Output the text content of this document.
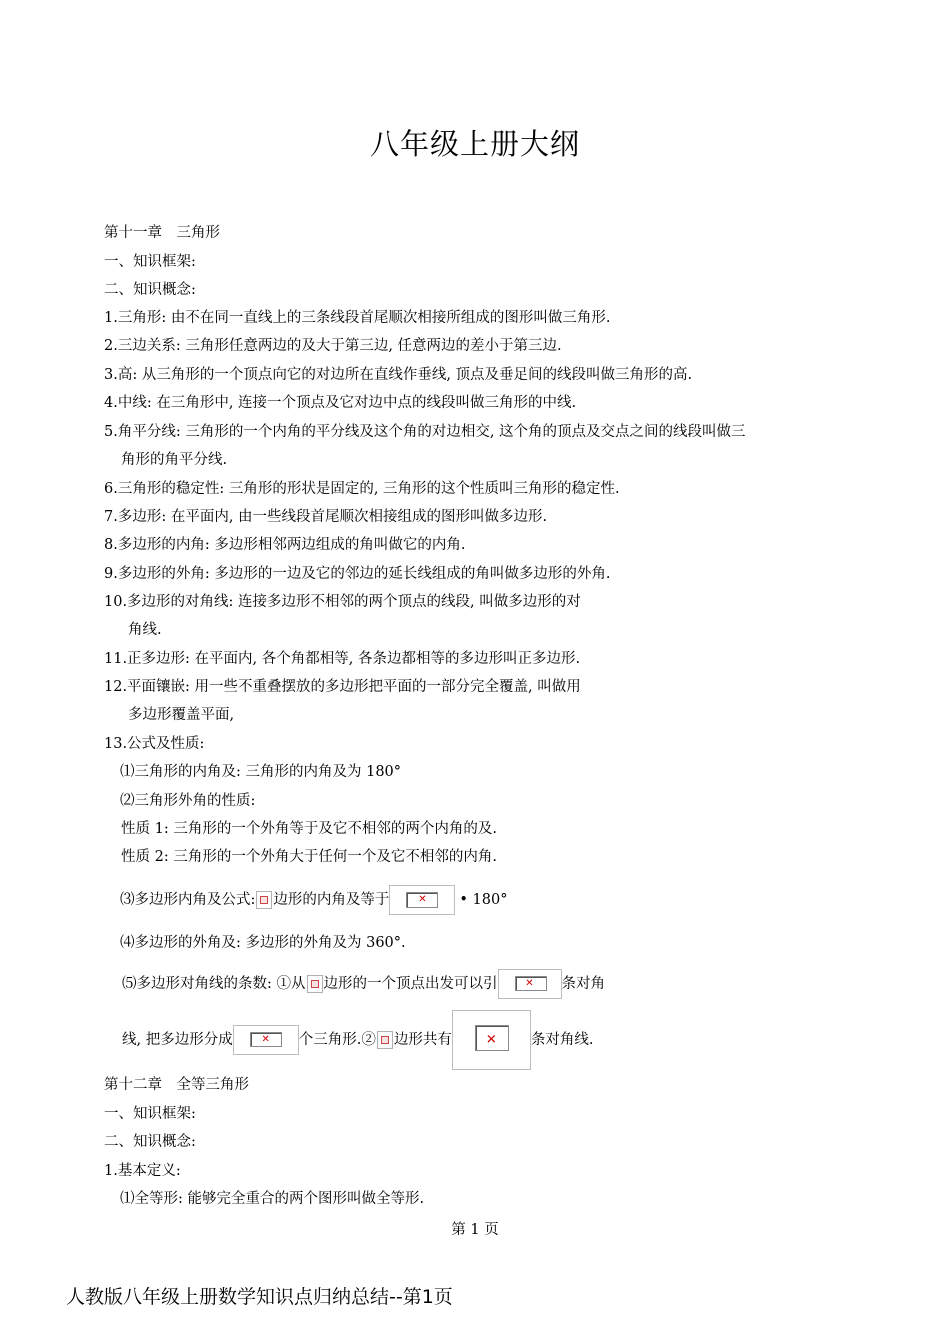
八年级上册大纲
第十一章　三角形
一、知识框架:
二、知识概念:
1.三角形: 由不在同一直线上的三条线段首尾顺次相接所组成的图形叫做三角形.
2.三边关系: 三角形任意两边的及大于第三边, 任意两边的差小于第三边.
3.高: 从三角形的一个顶点向它的对边所在直线作垂线, 顶点及垂足间的线段叫做三角形的高.
4.中线: 在三角形中, 连接一个顶点及它对边中点的线段叫做三角形的中线.
5.角平分线: 三角形的一个内角的平分线及这个角的对边相交, 这个角的顶点及交点之间的线段叫做三
角形的角平分线.
6.三角形的稳定性: 三角形的形状是固定的, 三角形的这个性质叫三角形的稳定性.
7.多边形: 在平面内, 由一些线段首尾顺次相接组成的图形叫做多边形.
8.多边形的内角: 多边形相邻两边组成的角叫做它的内角.
9.多边形的外角: 多边形的一边及它的邻边的延长线组成的角叫做多边形的外角.
10.多边形的对角线: 连接多边形不相邻的两个顶点的线段, 叫做多边形的对
角线.
11.正多边形: 在平面内, 各个角都相等, 各条边都相等的多边形叫正多边形.
12.平面镶嵌: 用一些不重叠摆放的多边形把平面的一部分完全覆盖, 叫做用
多边形覆盖平面,
13.公式及性质:
⑴三角形的内角及: 三角形的内角及为 180°
⑵三角形外角的性质:
性质 1: 三角形的一个外角等于及它不相邻的两个内角的及.
性质 2: 三角形的一个外角大于任何一个及它不相邻的内角.
⑶多边形内角及公式: 边形的内角及等于	✕ • 180°
⑷多边形的外角及: 多边形的外角及为 360°.
⑸多边形对角线的条数: ①从 边形的一个顶点出发可以引	✕ 条对角
线, 把多边形分成	✕ 个三角形.② 边形共有	✕ 条对角线.
第十二章　全等三角形
一、知识框架:
二、知识概念:
1.基本定义:
⑴全等形: 能够完全重合的两个图形叫做全等形.
第 1 页
人教版八年级上册数学知识点归纳总结--第1页
